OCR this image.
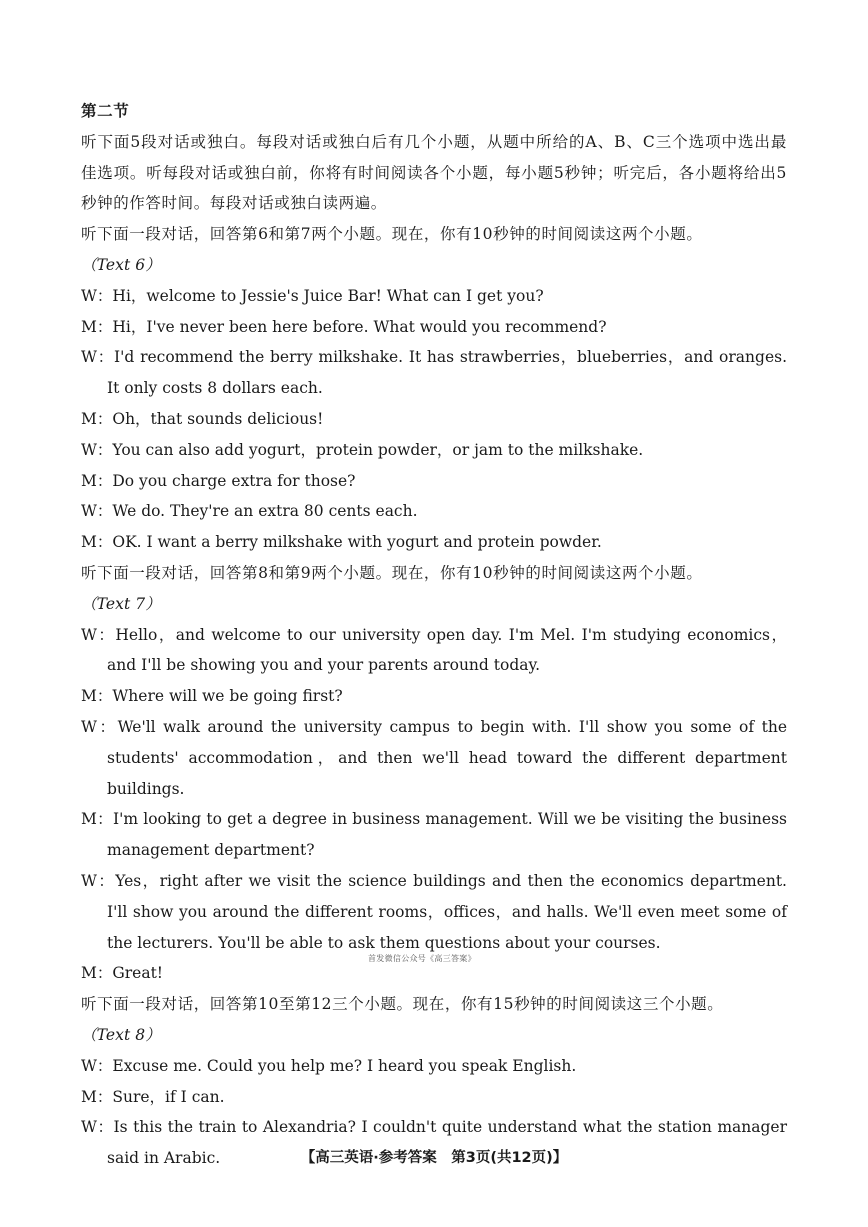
第二节
听下面5段对话或独白。每段对话或独白后有几个小题，从题中所给的A、B、C三个选项中选出最佳选项。听每段对话或独白前，你将有时间阅读各个小题，每小题5秒钟；听完后，各小题将给出5秒钟的作答时间。每段对话或独白读两遍。
听下面一段对话，回答第6和第7两个小题。现在，你有10秒钟的时间阅读这两个小题。
（Text 6）
W：Hi，welcome to Jessie's Juice Bar! What can I get you?
M：Hi，I've never been here before. What would you recommend?
W：I'd recommend the berry milkshake. It has strawberries，blueberries，and oranges. It only costs 8 dollars each.
M：Oh，that sounds delicious!
W：You can also add yogurt，protein powder，or jam to the milkshake.
M：Do you charge extra for those?
W：We do. They're an extra 80 cents each.
M：OK. I want a berry milkshake with yogurt and protein powder.
听下面一段对话，回答第8和第9两个小题。现在，你有10秒钟的时间阅读这两个小题。
（Text 7）
W：Hello，and welcome to our university open day. I'm Mel. I'm studying economics，and I'll be showing you and your parents around today.
M：Where will we be going first?
W：We'll walk around the university campus to begin with. I'll show you some of the students' accommodation，and then we'll head toward the different department buildings.
M：I'm looking to get a degree in business management. Will we be visiting the business management department?
W：Yes，right after we visit the science buildings and then the economics department. I'll show you around the different rooms，offices，and halls. We'll even meet some of the lecturers. You'll be able to ask them questions about your courses.
M：Great!
听下面一段对话，回答第10至第12三个小题。现在，你有15秒钟的时间阅读这三个小题。
（Text 8）
W：Excuse me. Could you help me? I heard you speak English.
M：Sure，if I can.
W：Is this the train to Alexandria? I couldn't quite understand what the station manager said in Arabic.
首发微信公众号《高三答案》
【高三英语·参考答案　第3页(共12页)】
